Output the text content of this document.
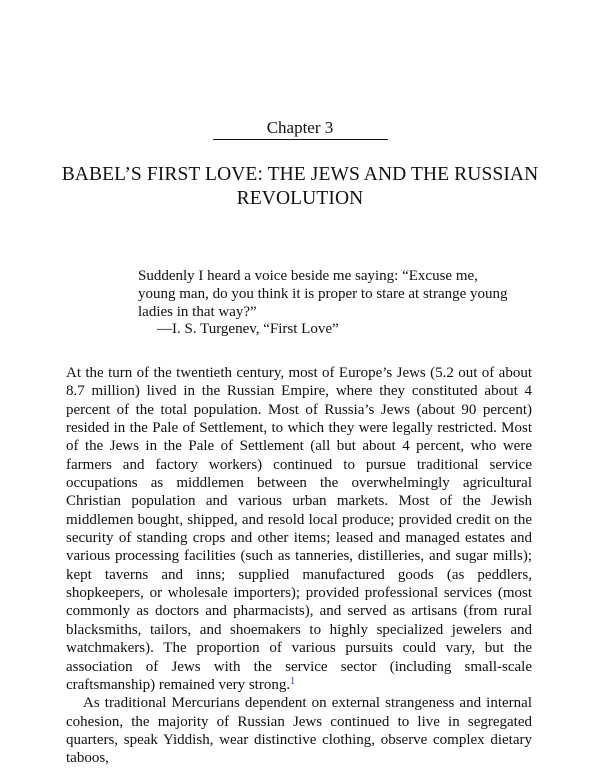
Chapter 3
BABEL’S FIRST LOVE: THE JEWS AND THE RUSSIAN REVOLUTION
Suddenly I heard a voice beside me saying: “Excuse me, young man, do you think it is proper to stare at strange young ladies in that way?”
—I. S. Turgenev, “First Love”

At the turn of the twentieth century, most of Europe’s Jews (5.2 out of about 8.7 million) lived in the Russian Empire, where they constituted about 4 percent of the total population. Most of Russia’s Jews (about 90 percent) resided in the Pale of Settlement, to which they were legally restricted. Most of the Jews in the Pale of Settlement (all but about 4 percent, who were farmers and factory workers) continued to pursue traditional service occupations as middlemen between the overwhelmingly agricultural Christian population and various urban markets. Most of the Jewish middlemen bought, shipped, and resold local produce; provided credit on the security of standing crops and other items; leased and managed estates and various processing facilities (such as tanneries, distilleries, and sugar mills); kept taverns and inns; supplied manufactured goods (as peddlers, shopkeepers, or wholesale importers); provided professional services (most commonly as doctors and pharmacists), and served as artisans (from rural blacksmiths, tailors, and shoemakers to highly specialized jewelers and watchmakers). The proportion of various pursuits could vary, but the association of Jews with the service sector (including small-scale craftsmanship) remained very strong.$^1$

As traditional Mercurians dependent on external strangeness and internal cohesion, the majority of Russian Jews continued to live in segregated quarters, speak Yiddish, wear distinctive clothing, observe complex dietary taboos,
